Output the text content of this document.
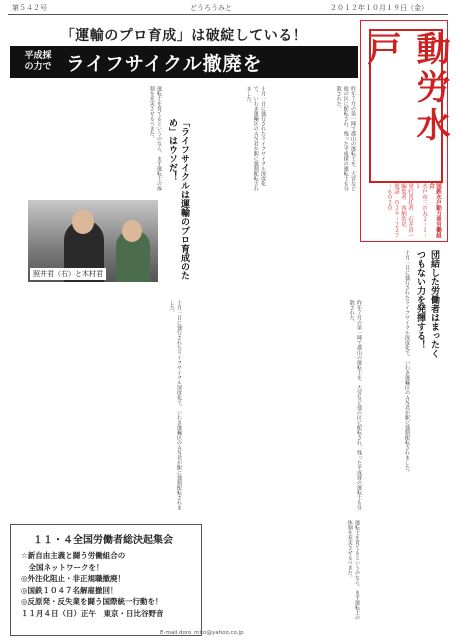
第５４２号	どうろうみと	２０１２年１０月１９日（金）
「運輸のプロ育成」は破綻している！
平成採
の力で ライフサイクル撤廃を	動労水戸
国鉄水戸動力車労働組合
水戸市三の丸２－１－１
発行責任者　石井真一　編集者　西納浩史
電話　０２９－２２７－６０２０
昨年７月の第一陣で郡山の運転士を、大宮など他の区に配転され、残った平成採の運転士も分散された。
十月一日に強行されたライフサイクル深度化で、いわき運輸区のＡＮ君が駅に強制配転されました。
運転士を育てるというのなら、まず運転士の体制を充実させるべきだ。
「ライフサイクルは運輸のプロ育成のため」はウソだ！
照井君（右）と木村君
昨年７月の第一陣で郡山の運転士を、大宮など他の区に配転され、残った平成採の運転士も分散された。
十月一日に強行されたライフサイクル深度化で、いわき運輸区のＡＮ君が駅に強制配転されました。
運転士を育てるというのなら、まず運転士の体制を充実させるべきだ。
団結した労働者はまったく
つもない力を発揮する！
十月一日に強行されたライフサイクル深度化で、いわき運輸区のＡＮ君が駅に強制配転されました。
１１・４全国労働者総決起集会
☆新自由主義と闘う労働組合の
　全国ネットワークを！
◎外注化阻止・非正規職撤廃！
◎国鉄１０４７名解雇撤回！
◎反原発・反失業を闘う国際統一行動を！
１１月４日（日）正午　東京・日比谷野音
E-mail doro_mito@yahoo.co.jp
